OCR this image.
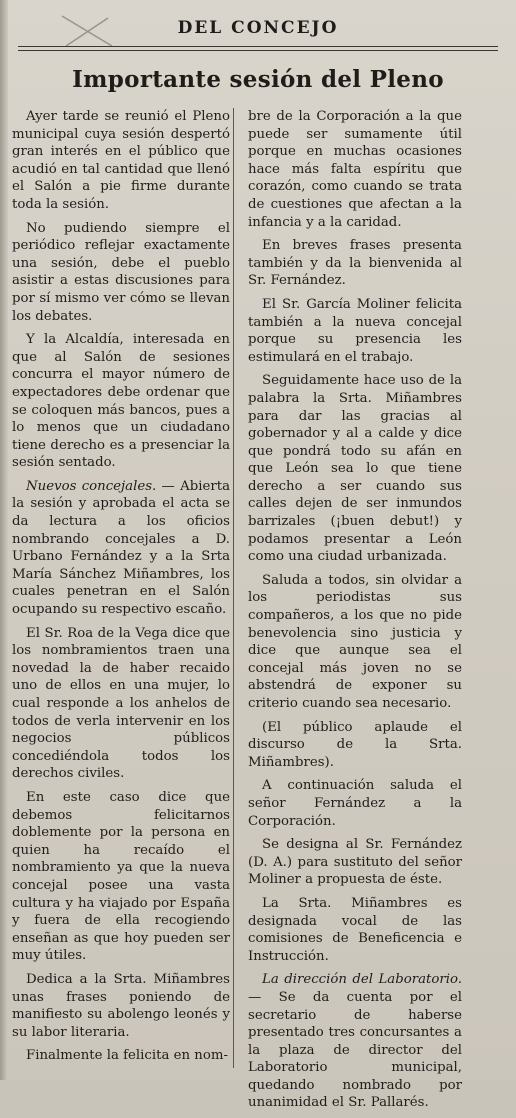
DEL CONCEJO
Importante sesión del Pleno

Ayer tarde se reunió el Pleno municipal cuya sesión despertó gran interés en el público que acudió en tal cantidad que llenó el Salón a pie firme durante toda la sesión.

No pudiendo siempre el periódico reflejar exactamente una sesión, debe el pueblo asistir a estas discusiones para por sí mismo ver cómo se llevan los debates.

Y la Alcaldía, interesada en que al Salón de sesiones concurra el mayor número de expectadores debe ordenar que se coloquen más bancos, pues a lo menos que un ciudadano tiene derecho es a presenciar la sesión sentado.

Nuevos concejales. — Abierta la sesión y aprobada el acta se da lectura a los oficios nombrando concejales a D. Urbano Fernández y a la Srta María Sánchez Miñambres, los cuales penetran en el Salón ocupando su respectivo escaño.

El Sr. Roa de la Vega dice que los nombramientos traen una novedad la de haber recaido uno de ellos en una mujer, lo cual responde a los anhelos de todos de verla intervenir en los negocios públicos concediéndola todos los derechos civiles.

En este caso dice que debemos felicitarnos doblemente por la persona en quien ha recaído el nombramiento ya que la nueva concejal posee una vasta cultura y ha viajado por España y fuera de ella recogiendo enseñan as que hoy pueden ser muy útiles.

Dedica a la Srta. Miñambres unas frases poniendo de manifiesto su abolengo leonés y su labor literaria.

Finalmente la felicita en nom-

bre de la Corporación a la que puede ser sumamente útil porque en muchas ocasiones hace más falta espíritu que corazón, como cuando se trata de cuestiones que afectan a la infancia y a la caridad.

En breves frases presenta también y da la bienvenida al Sr. Fernández.

El Sr. García Moliner felicita también a la nueva concejal porque su presencia les estimulará en el trabajo.

Seguidamente hace uso de la palabra la Srta. Miñambres para dar las gracias al gobernador y al a calde y dice que pondrá todo su afán en que León sea lo que tiene derecho a ser cuando sus calles dejen de ser inmundos barrizales (¡buen debut!) y podamos presentar a León como una ciudad urbanizada.

Saluda a todos, sin olvidar a los periodistas sus compañeros, a los que no pide benevolencia sino justicia y dice que aunque sea el concejal más joven no se abstendrá de exponer su criterio cuando sea necesario.

(El público aplaude el discurso de la Srta. Miñambres).

A continuación saluda el señor Fernández a la Corporación.

Se designa al Sr. Fernández (D. A.) para sustituto del señor Moliner a propuesta de éste.

La Srta. Miñambres es designada vocal de las comisiones de Beneficencia e Instrucción.

La dirección del Laboratorio. — Se da cuenta por el secretario de haberse presentado tres concursantes a la plaza de director del Laboratorio municipal, quedando nombrado por unanimidad el Sr. Pallarés.
